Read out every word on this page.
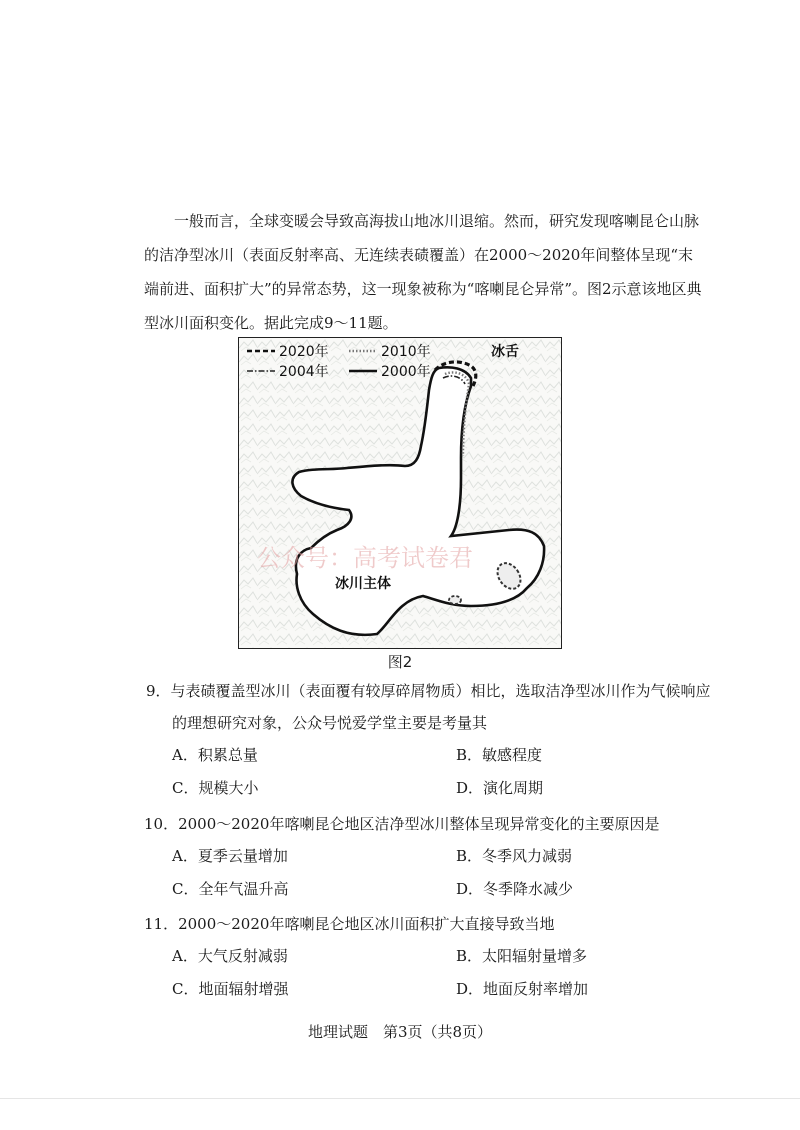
一般而言，全球变暖会导致高海拔山地冰川退缩。然而，研究发现喀喇昆仑山脉的洁净型冰川（表面反射率高、无连续表碛覆盖）在2000～2020年间整体呈现“末端前进、面积扩大”的异常态势，这一现象被称为“喀喇昆仑异常”。图2示意该地区典型冰川面积变化。据此完成9～11题。

2020年	2010年
2004年	2000年
冰舌
冰川主体
公众号：高考试卷君
图2
9．与表碛覆盖型冰川（表面覆有较厚碎屑物质）相比，选取洁净型冰川作为气候响应
的理想研究对象，公众号悦爱学堂主要是考量其
A．积累总量	B．敏感程度
C．规模大小	D．演化周期
10．2000～2020年喀喇昆仑地区洁净型冰川整体呈现异常变化的主要原因是
A．夏季云量增加	B．冬季风力减弱
C．全年气温升高	D．冬季降水减少
11．2000～2020年喀喇昆仑地区冰川面积扩大直接导致当地
A．大气反射减弱	B．太阳辐射量增多
C．地面辐射增强	D．地面反射率增加
地理试题　第3页（共8页）
